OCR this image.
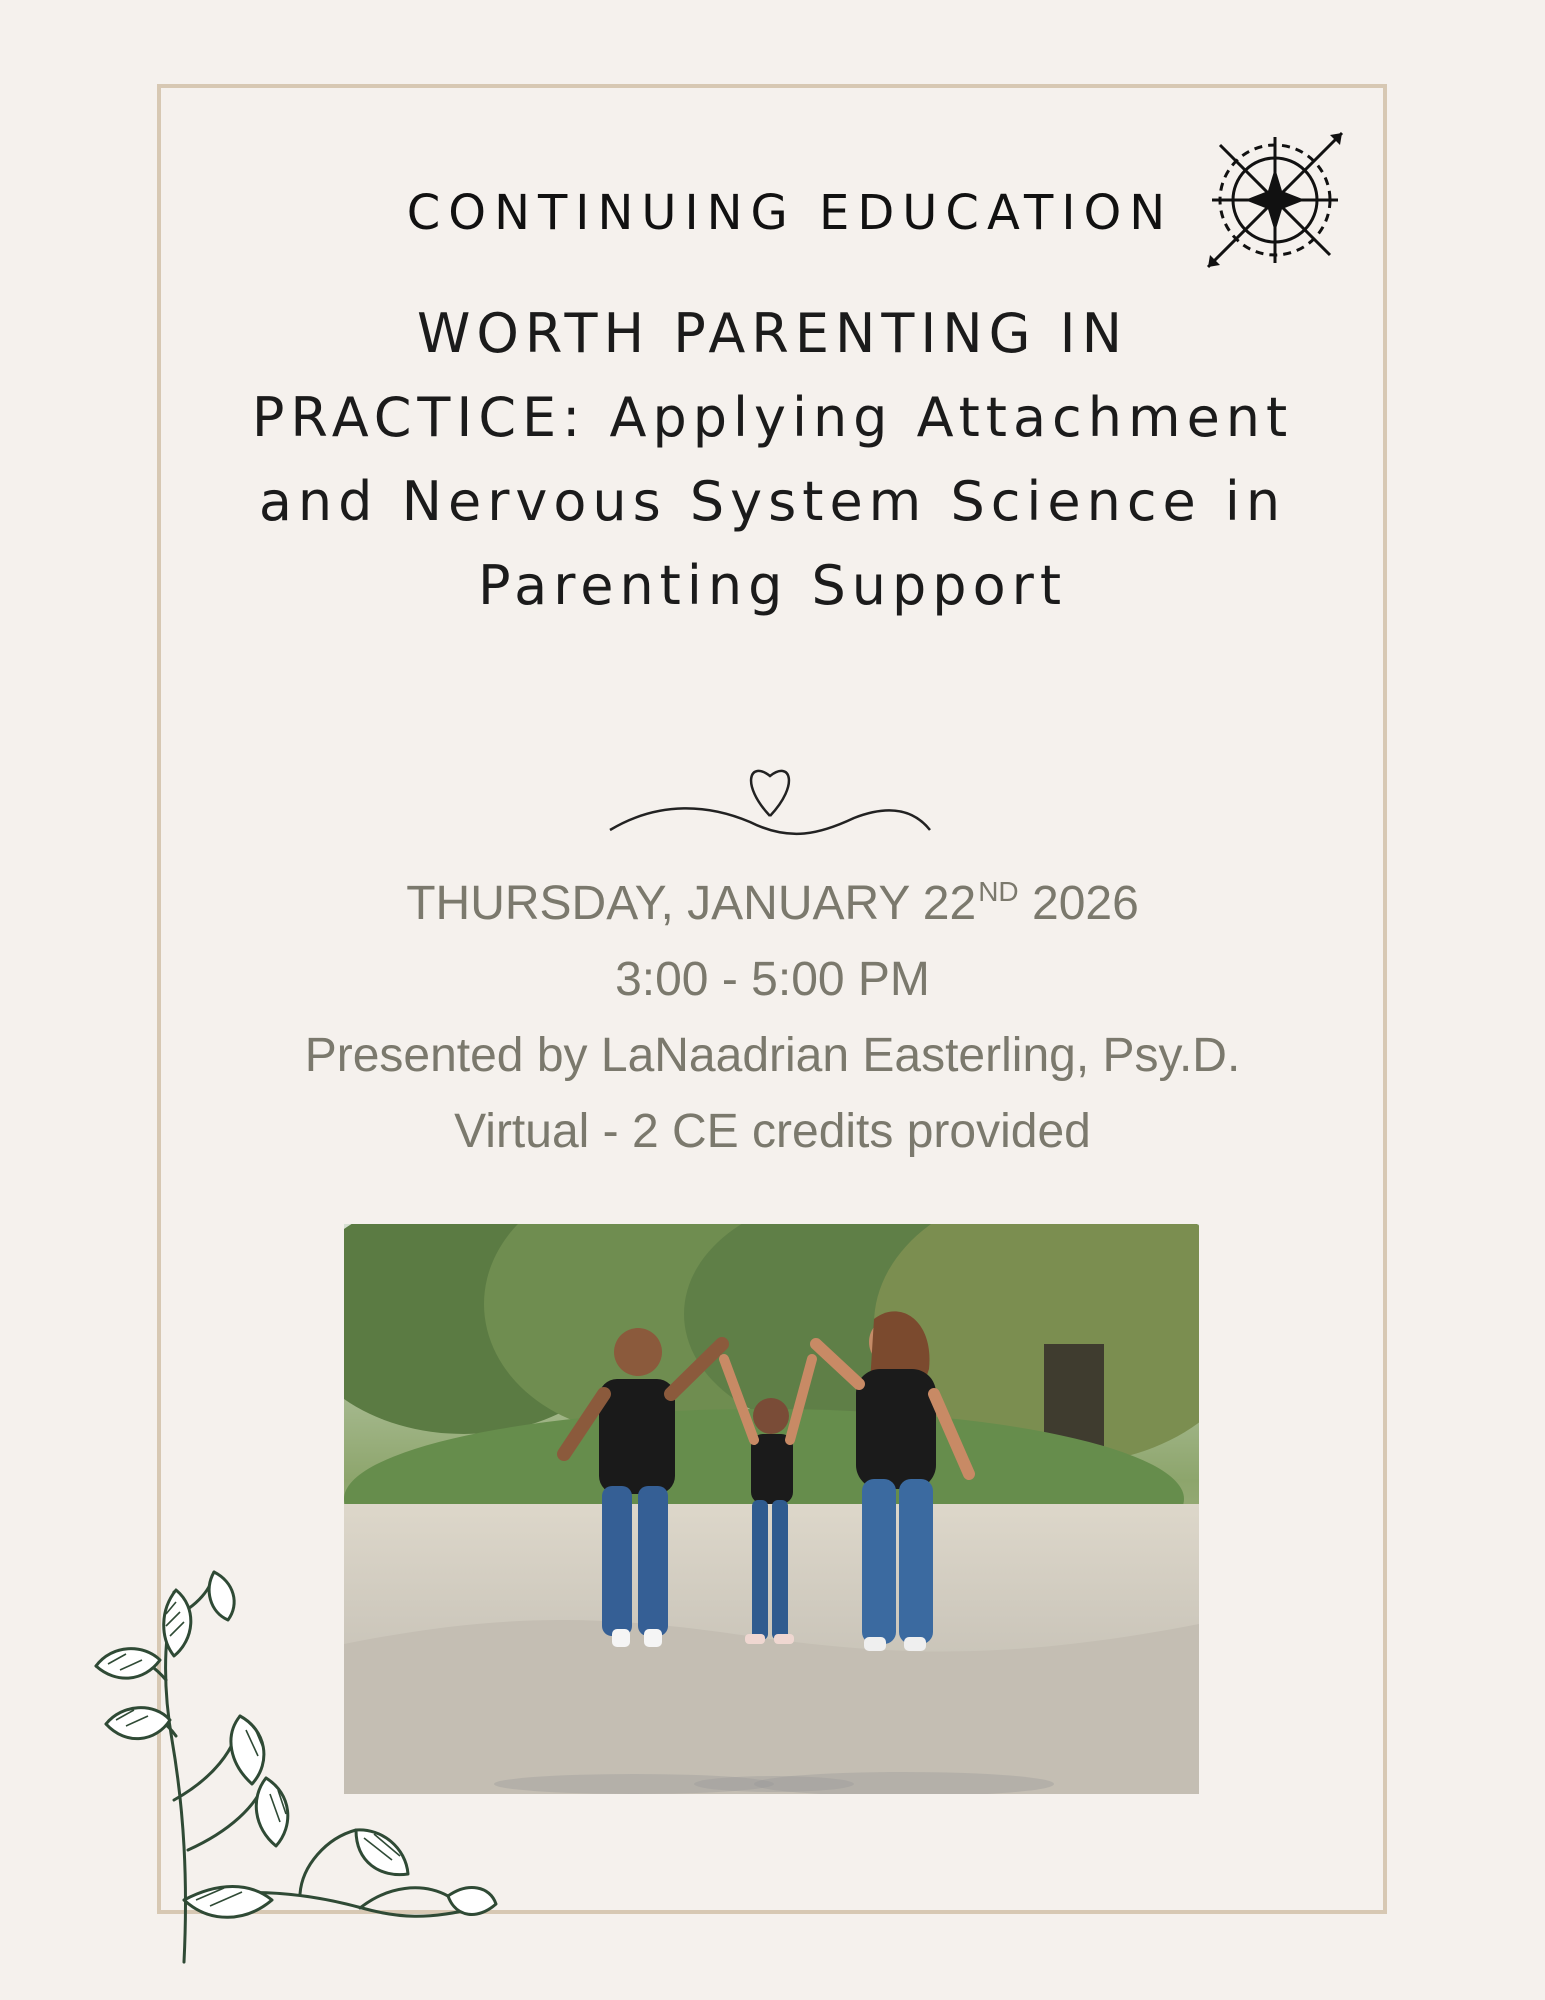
CONTINUING EDUCATION
WORTH PARENTING IN PRACTICE: Applying Attachment and Nervous System Science in Parenting Support
THURSDAY, JANUARY 22ND 2026
3:00 - 5:00 PM
Presented by LaNaadrian Easterling, Psy.D.
Virtual - 2 CE credits provided
